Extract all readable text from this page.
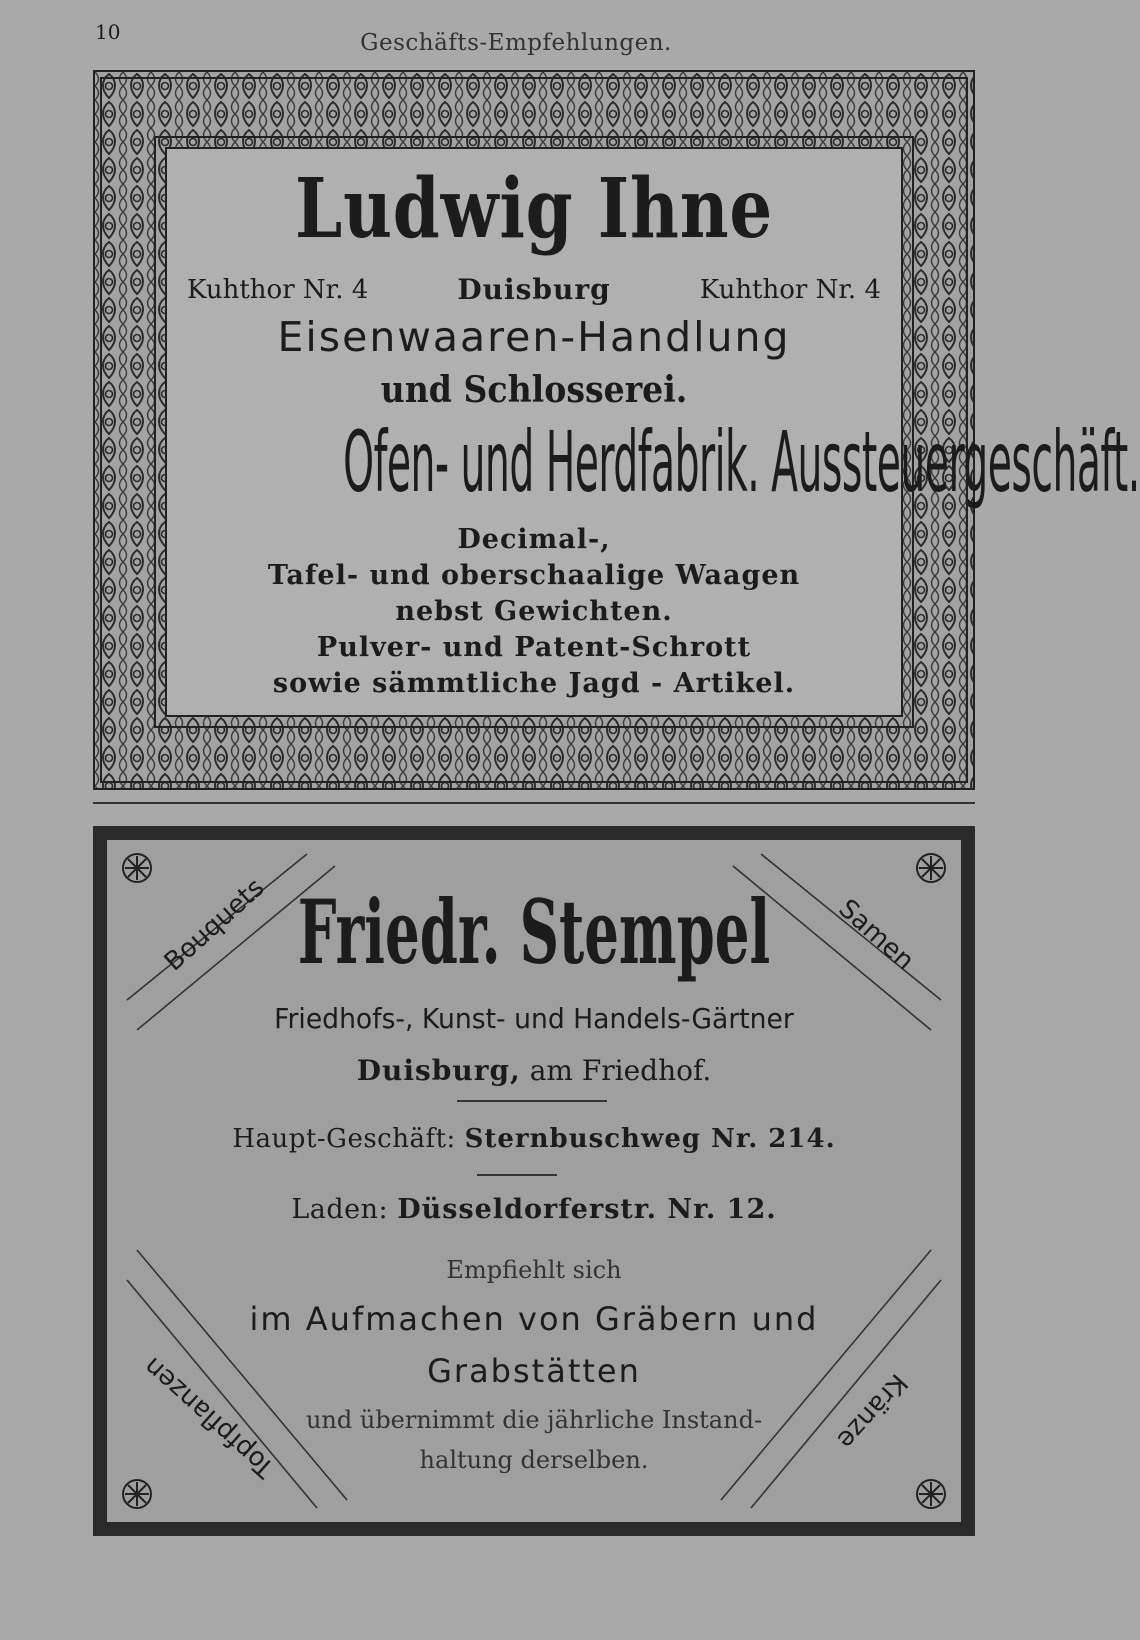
10	Geschäfts-Empfehlungen.
Ludwig Ihne
Kuhthor Nr. 4	Duisburg	Kuhthor Nr. 4
Eisenwaaren-Handlung
und Schlosserei.
Ofen- und Herdfabrik. Aussteuergeschäft.
Decimal-,
Tafel- und oberschaalige Waagen
nebst Gewichten.
Pulver- und Patent-Schrott
sowie sämmtliche Jagd - Artikel.
Bouquets	Samen
Topfpflanzen	Kränze
Friedr. Stempel
Friedhofs-, Kunst- und Handels-Gärtner
Duisburg, am Friedhof.
Haupt-Geschäft: Sternbuschweg Nr. 214.
Laden: Düsseldorferstr. Nr. 12.
Empfiehlt sich
im Aufmachen von Gräbern und
Grabstätten
und übernimmt die jährliche Instand-
haltung derselben.
